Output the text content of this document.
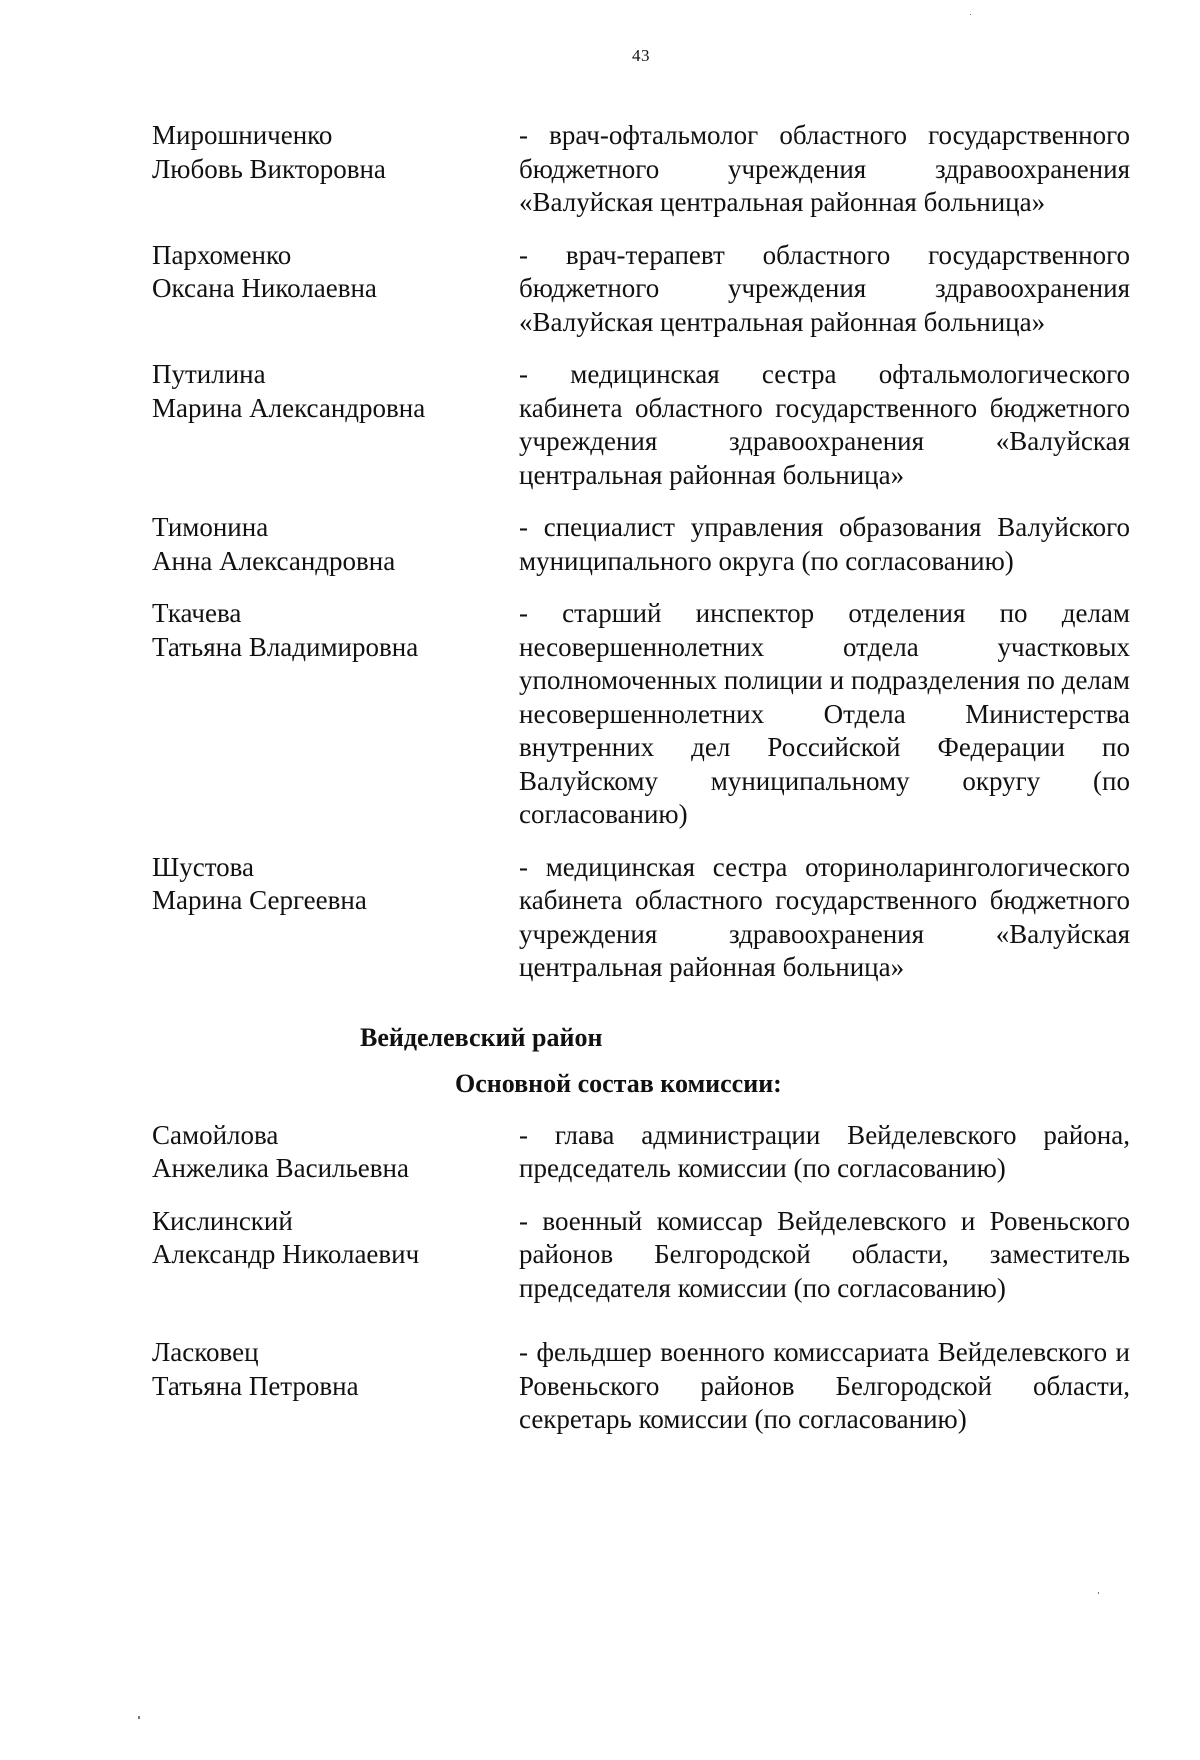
43
Мирошниченко
Любовь Викторовна
- врач-офтальмолог областного государственного бюджетного учреждения здравоохранения «Валуйская центральная районная больница»
Пархоменко
Оксана Николаевна
- врач-терапевт областного государственного бюджетного учреждения здравоохранения «Валуйская центральная районная больница»
Путилина
Марина Александровна
- медицинская сестра офтальмологического кабинета областного государственного бюджетного учреждения здравоохранения «Валуйская центральная районная больница»
Тимонина
Анна Александровна
- специалист управления образования Валуйского муниципального округа (по согласованию)
Ткачева
Татьяна Владимировна
- старший инспектор отделения по делам несовершеннолетних отдела участковых уполномоченных полиции и подразделения по делам несовершеннолетних Отдела Министерства внутренних дел Российской Федерации по Валуйскому муниципальному округу (по согласованию)
Шустова
Марина Сергеевна
- медицинская сестра оториноларингологического кабинета областного государственного бюджетного учреждения здравоохранения «Валуйская центральная районная больница»
Вейделевский район
Основной состав комиссии:
Самойлова
Анжелика Васильевна
- глава администрации Вейделевского района, председатель комиссии (по согласованию)
Кислинский
Александр Николаевич
- военный комиссар Вейделевского и Ровеньского районов Белгородской области, заместитель председателя комиссии (по согласованию)
Ласковец
Татьяна Петровна
- фельдшер военного комиссариата Вейделевского и Ровеньского районов Белгородской области, секретарь комиссии (по согласованию)
